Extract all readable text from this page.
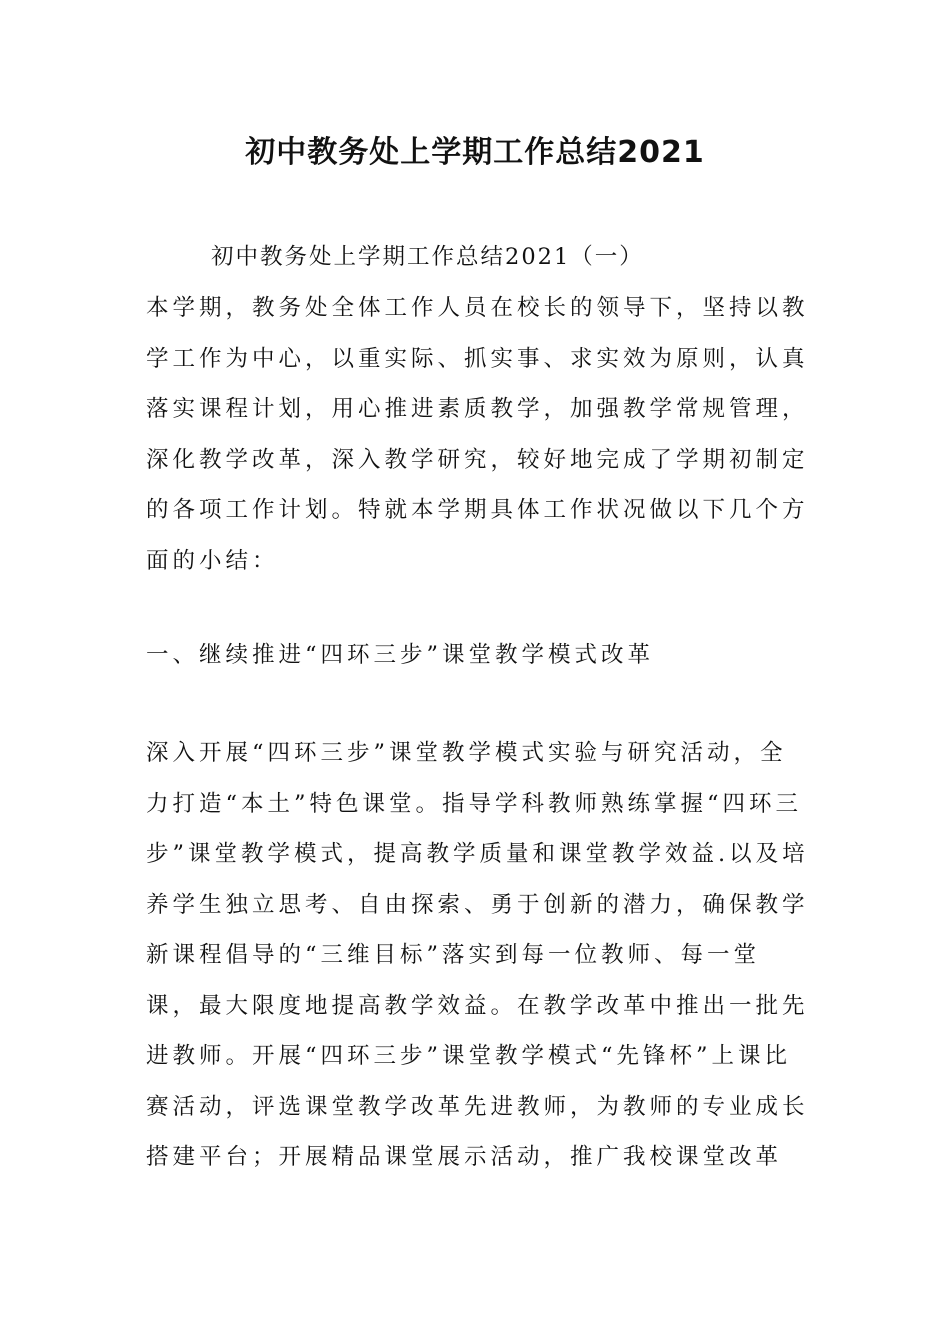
初中教务处上学期工作总结2021

初中教务处上学期工作总结2021（一）

本学期，教务处全体工作人员在校长的领导下，坚持以教学工作为中心，以重实际、抓实事、求实效为原则，认真落实课程计划，用心推进素质教学，加强教学常规管理，深化教学改革，深入教学研究，较好地完成了学期初制定的各项工作计划。特就本学期具体工作状况做以下几个方面的小结：

一、继续推进“四环三步”课堂教学模式改革

深入开展“四环三步”课堂教学模式实验与研究活动，全力打造“本土”特色课堂。指导学科教师熟练掌握“四环三步”课堂教学模式，提高教学质量和课堂教学效益.以及培养学生独立思考、自由探索、勇于创新的潜力，确保教学新课程倡导的“三维目标”落实到每一位教师、每一堂课，最大限度地提高教学效益。在教学改革中推出一批先进教师。开展“四环三步”课堂教学模式“先锋杯”上课比赛活动，评选课堂教学改革先进教师，为教师的专业成长搭建平台；开展精品课堂展示活动，推广我校课堂改革
